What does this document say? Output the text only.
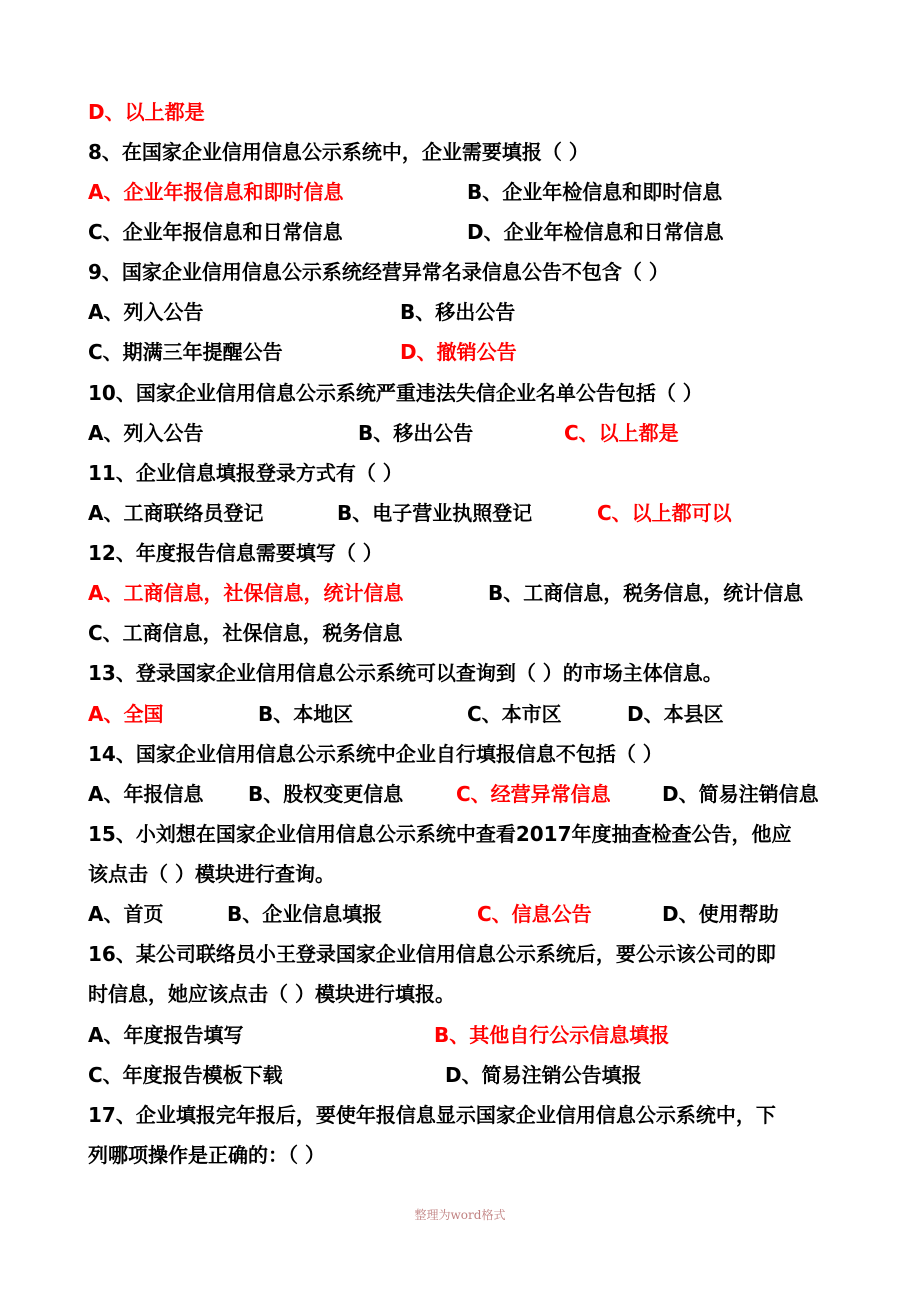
D、以上都是
8、在国家企业信用信息公示系统中，企业需要填报（ ）
A、企业年报信息和即时信息	B、企业年检信息和即时信息
C、企业年报信息和日常信息	D、企业年检信息和日常信息
9、国家企业信用信息公示系统经营异常名录信息公告不包含（ ）
A、列入公告	B、移出公告
C、期满三年提醒公告	D、撤销公告
10、国家企业信用信息公示系统严重违法失信企业名单公告包括（ ）
A、列入公告	B、移出公告	C、以上都是
11、企业信息填报登录方式有（ ）
A、工商联络员登记	B、电子营业执照登记	C、以上都可以
12、年度报告信息需要填写（ ）
A、工商信息，社保信息，统计信息	B、工商信息，税务信息，统计信息
C、工商信息，社保信息，税务信息
13、登录国家企业信用信息公示系统可以查询到（ ）的市场主体信息。
A、全国	B、本地区	C、本市区	D、本县区
14、国家企业信用信息公示系统中企业自行填报信息不包括（ ）
A、年报信息 B、股权变更信息	C、经营异常信息	D、简易注销信息
15、小刘想在国家企业信用信息公示系统中查看2017年度抽查检查公告，他应
该点击（ ）模块进行查询。
A、首页	B、企业信息填报	C、信息公告	D、使用帮助
16、某公司联络员小王登录国家企业信用信息公示系统后，要公示该公司的即
时信息，她应该点击（ ）模块进行填报。
A、年度报告填写	B、其他自行公示信息填报
C、年度报告模板下载	D、简易注销公告填报
17、企业填报完年报后，要使年报信息显示国家企业信用信息公示系统中，下
列哪项操作是正确的：（ ）
整理为word格式
